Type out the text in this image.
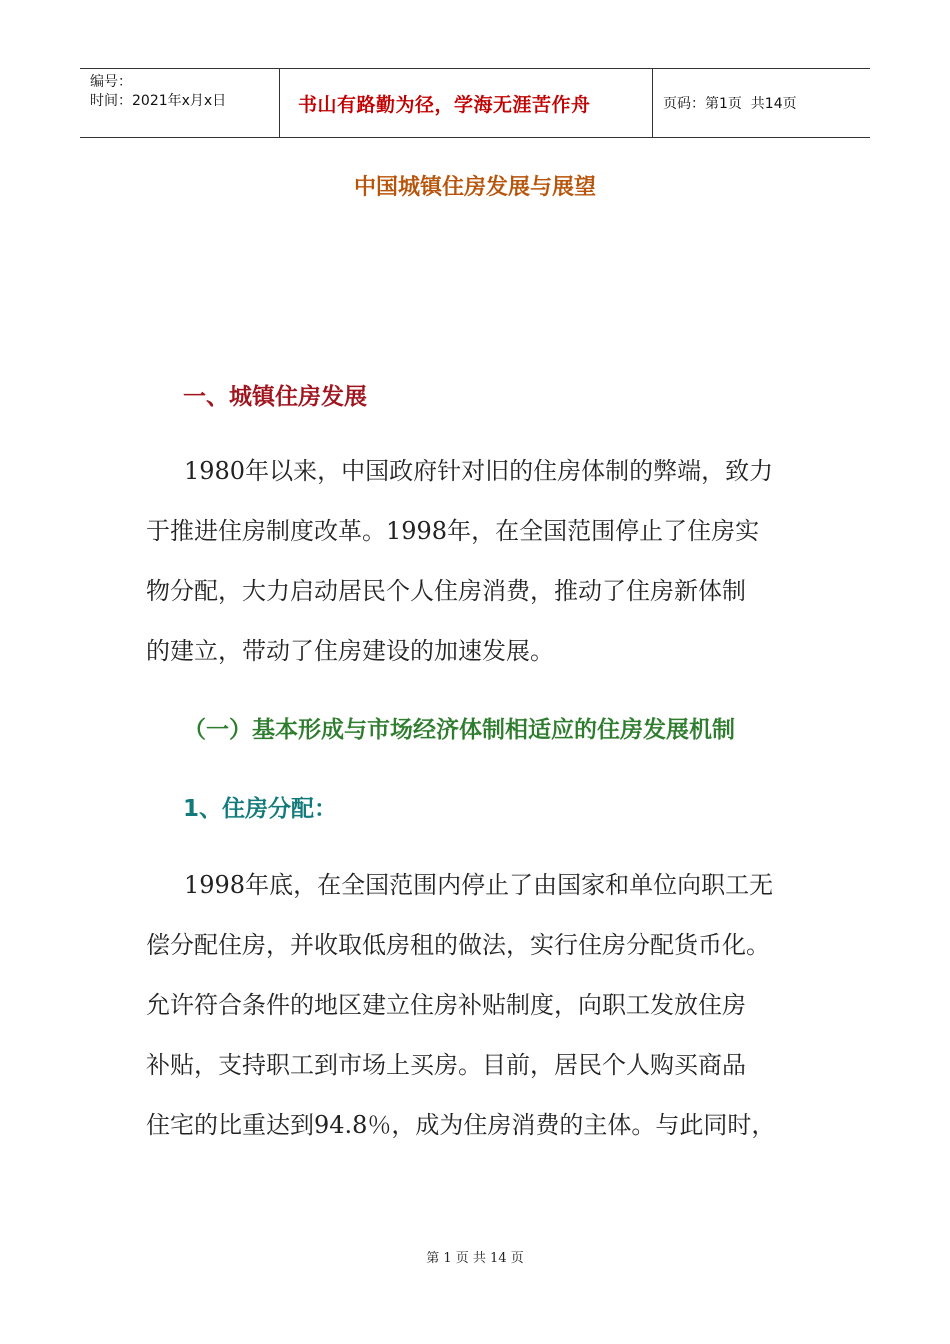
编号：
时间：2021年x月x日	书山有路勤为径，学海无涯苦作舟	页码：第1页  共14页
中国城镇住房发展与展望
一、城镇住房发展
1980年以来，中国政府针对旧的住房体制的弊端，致力
于推进住房制度改革。1998年，在全国范围停止了住房实
物分配，大力启动居民个人住房消费，推动了住房新体制
的建立，带动了住房建设的加速发展。
（一）基本形成与市场经济体制相适应的住房发展机制
1、住房分配：
1998年底，在全国范围内停止了由国家和单位向职工无
偿分配住房，并收取低房租的做法，实行住房分配货币化。
允许符合条件的地区建立住房补贴制度，向职工发放住房
补贴，支持职工到市场上买房。目前，居民个人购买商品
住宅的比重达到94.8％，成为住房消费的主体。与此同时，
第 1 页 共 14 页
